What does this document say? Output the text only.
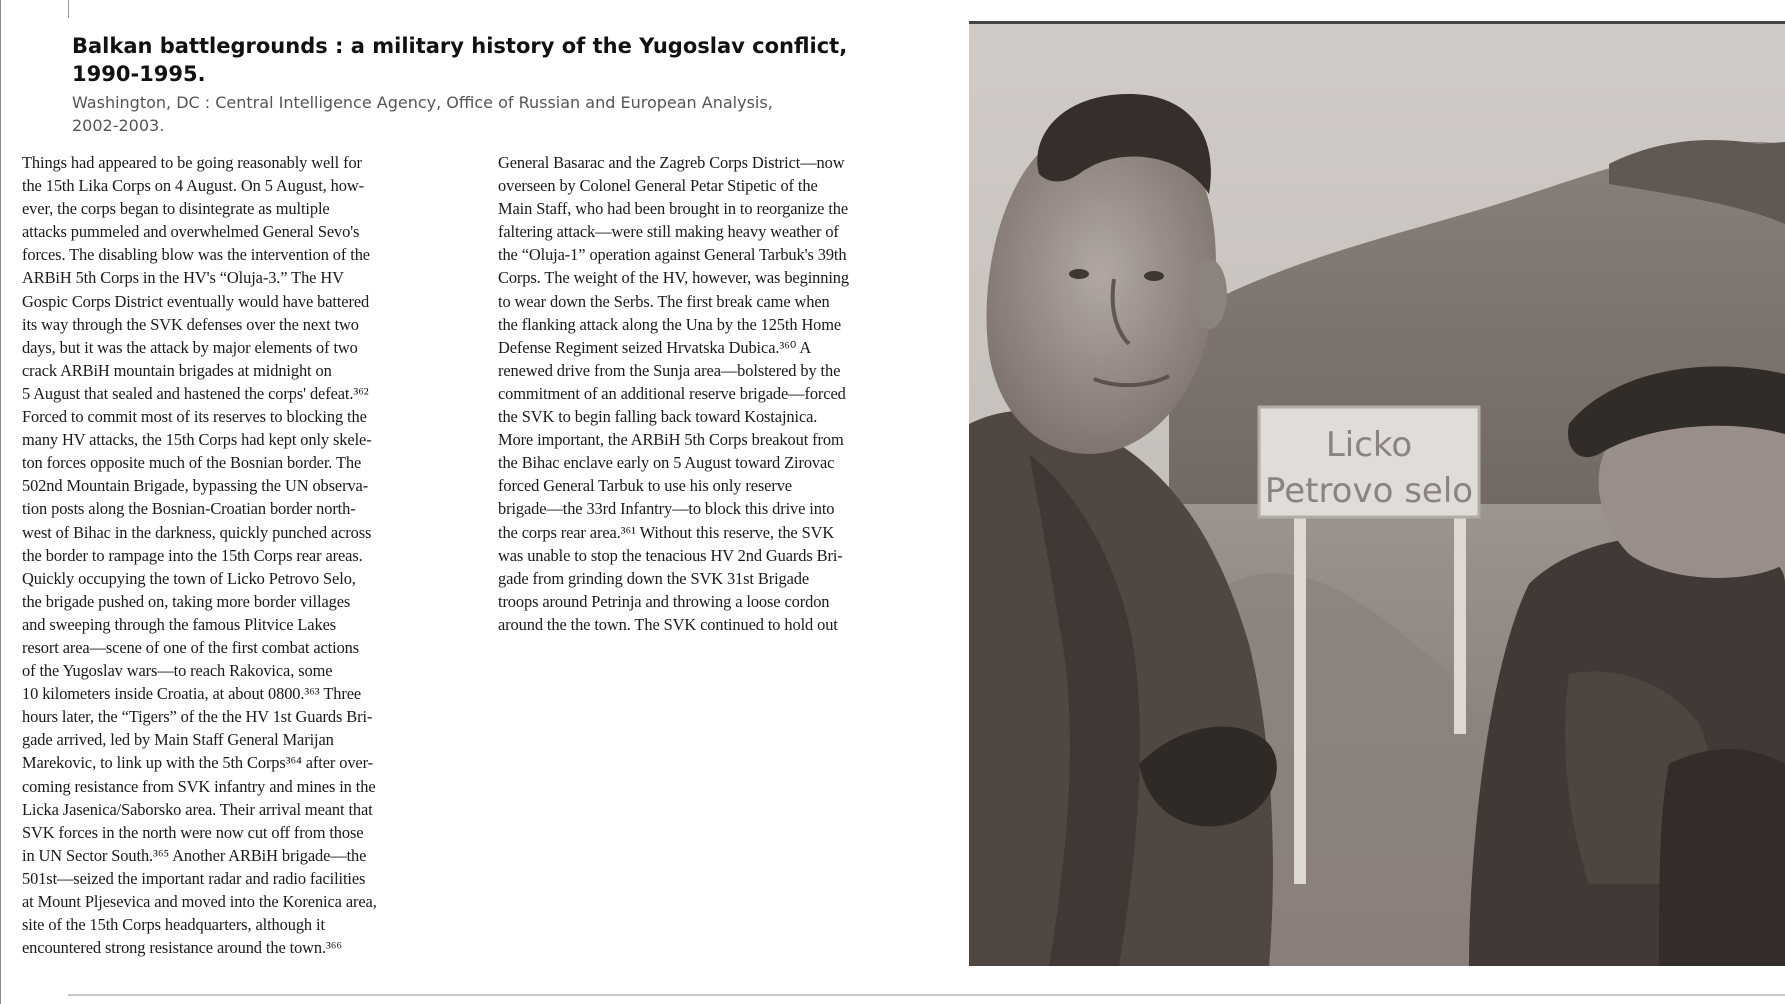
Balkan battlegrounds : a military history of the Yugoslav conflict,
1990-1995.
Washington, DC : Central Intelligence Agency, Office of Russian and European Analysis,
2002-2003.
Things had appeared to be going reasonably well for
the 15th Lika Corps on 4 August. On 5 August, how-
ever, the corps began to disintegrate as multiple
attacks pummeled and overwhelmed General Sevo's
forces. The disabling blow was the intervention of the
ARBiH 5th Corps in the HV's “Oluja-3.” The HV
Gospic Corps District eventually would have battered
its way through the SVK defenses over the next two
days, but it was the attack by major elements of two
crack ARBiH mountain brigades at midnight on
5 August that sealed and hastened the corps' defeat.³⁶²
Forced to commit most of its reserves to blocking the
many HV attacks, the 15th Corps had kept only skele-
ton forces opposite much of the Bosnian border. The
502nd Mountain Brigade, bypassing the UN observa-
tion posts along the Bosnian-Croatian border north-
west of Bihac in the darkness, quickly punched across
the border to rampage into the 15th Corps rear areas.
Quickly occupying the town of Licko Petrovo Selo,
the brigade pushed on, taking more border villages
and sweeping through the famous Plitvice Lakes
resort area—scene of one of the first combat actions
of the Yugoslav wars—to reach Rakovica, some
10 kilometers inside Croatia, at about 0800.³⁶³ Three
hours later, the “Tigers” of the the HV 1st Guards Bri-
gade arrived, led by Main Staff General Marijan
Marekovic, to link up with the 5th Corps³⁶⁴ after over-
coming resistance from SVK infantry and mines in the
Licka Jasenica/Saborsko area. Their arrival meant that
SVK forces in the north were now cut off from those
in UN Sector South.³⁶⁵ Another ARBiH brigade—the
501st—seized the important radar and radio facilities
at Mount Pljesevica and moved into the Korenica area,
site of the 15th Corps headquarters, although it
encountered strong resistance around the town.³⁶⁶
General Basarac and the Zagreb Corps District—now
overseen by Colonel General Petar Stipetic of the
Main Staff, who had been brought in to reorganize the
faltering attack—were still making heavy weather of
the “Oluja-1” operation against General Tarbuk's 39th
Corps. The weight of the HV, however, was beginning
to wear down the Serbs. The first break came when
the flanking attack along the Una by the 125th Home
Defense Regiment seized Hrvatska Dubica.³⁶⁰ A
renewed drive from the Sunja area—bolstered by the
commitment of an additional reserve brigade—forced
the SVK to begin falling back toward Kostajnica.
More important, the ARBiH 5th Corps breakout from
the Bihac enclave early on 5 August toward Zirovac
forced General Tarbuk to use his only reserve
brigade—the 33rd Infantry—to block this drive into
the corps rear area.³⁶¹ Without this reserve, the SVK
was unable to stop the tenacious HV 2nd Guards Bri-
gade from grinding down the SVK 31st Brigade
troops around Petrinja and throwing a loose cordon
around the the town. The SVK continued to hold out
Licko
Petrovo selo
